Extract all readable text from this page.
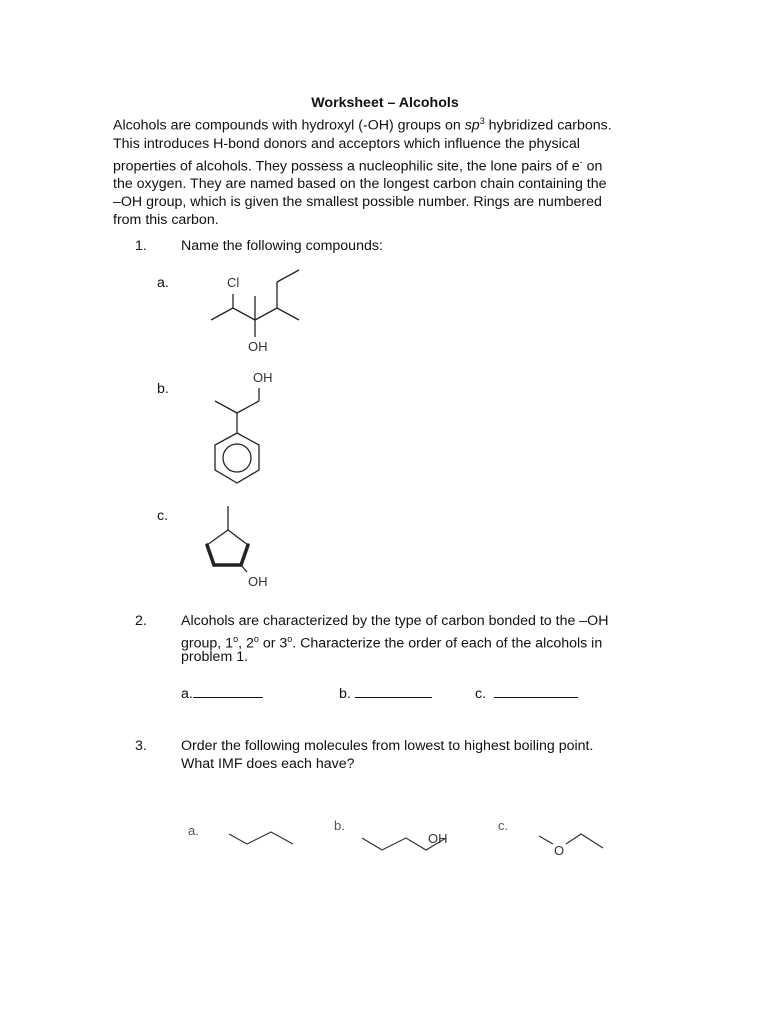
Worksheet – Alcohols
Alcohols are compounds with hydroxyl (-OH) groups on $sp^3$ hybridized carbons.
This introduces H-bond donors and acceptors which influence the physical
properties of alcohols. They possess a nucleophilic site, the lone pairs of e- on
the oxygen. They are named based on the longest carbon chain containing the
–OH group, which is given the smallest possible number. Rings are numbered
from this carbon.
1. Name the following compounds:
a.
b.
c.
Cl
OH
OH
OH
2. Alcohols are characterized by the type of carbon bonded to the –OH
group, 1$^o$, 2$^o$ or 3$^o$. Characterize the order of each of the alcohols in
problem 1.
a.	b.	c.
3. Order the following molecules from lowest to highest boiling point.
What IMF does each have?
a.	b.
OH
c.
O
